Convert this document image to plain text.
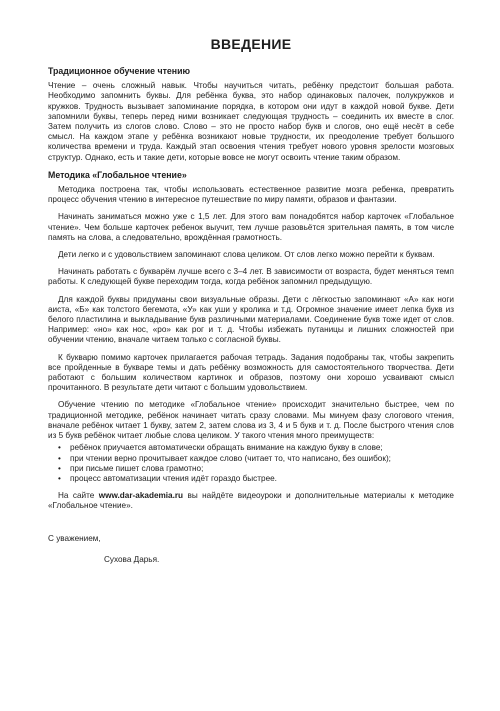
ВВЕДЕНИЕ
Традиционное обучение чтению
Чтение – очень сложный навык. Чтобы научиться читать, ребёнку предстоит большая работа. Необходимо запомнить буквы. Для ребёнка буква, это набор одинаковых палочек, полукружков и кружков. Трудность вызывает запоминание порядка, в котором они идут в каждой новой букве. Дети запомнили буквы, теперь перед ними возникает следующая трудность – соединить их вместе в слог. Затем получить из слогов слово. Слово – это не просто набор букв и слогов, оно ещё несёт в себе смысл. На каждом этапе у ребёнка возникают новые трудности, их преодоление требует большого количества времени и труда. Каждый этап освоения чтения требует нового уровня зрелости мозговых структур. Однако, есть и такие дети, которые вовсе не могут освоить чтение таким образом.
Методика «Глобальное чтение»
Методика построена так, чтобы использовать естественное развитие мозга ребенка, превратить процесс обучения чтению в интересное путешествие по миру памяти, образов и фантазии.
Начинать заниматься можно уже с 1,5 лет. Для этого вам понадобятся набор карточек «Глобальное чтение». Чем больше карточек ребенок выучит, тем лучше разовьётся зрительная память, в том числе память на слова, а следовательно, врождённая грамотность.
Дети легко и с удовольствием запоминают слова целиком. От слов легко можно перейти к буквам.
Начинать работать с букварём лучше всего с 3–4 лет. В зависимости от возраста, будет меняться темп работы. К следующей букве переходим тогда, когда ребёнок запомнил предыдущую.
Для каждой буквы придуманы свои визуальные образы. Дети с лёгкостью запоминают «А» как ноги аиста, «Б» как толстого бегемота, «У» как уши у кролика и т.д. Огромное значение имеет лепка букв из белого пластилина и выкладывание букв различными материалами. Соединение букв тоже идет от слов. Например: «но» как нос, «ро» как рог и т. д. Чтобы избежать путаницы и лишних сложностей при обучении чтению, вначале читаем только с согласной буквы.
К букварю помимо карточек прилагается рабочая тетрадь. Задания подобраны так, чтобы закрепить все пройденные в букваре темы и дать ребёнку возможность для самостоятельного творчества. Дети работают с большим количеством картинок и образов, поэтому они хорошо усваивают смысл прочитанного. В результате дети читают с большим удовольствием.
Обучение чтению по методике «Глобальное чтение» происходит значительно быстрее, чем по традиционной методике, ребёнок начинает читать сразу словами. Мы минуем фазу слогового чтения, вначале ребёнок читает 1 букву, затем 2, затем слова из 3, 4 и 5 букв и т. д. После быстрого чтения слов из 5 букв ребёнок читает любые слова целиком. У такого чтения много преимуществ:
• ребёнок приучается автоматически обращать внимание на каждую букву в слове;
• при чтении верно прочитывает каждое слово (читает то, что написано, без ошибок);
• при письме пишет слова грамотно;
• процесс автоматизации чтения идёт гораздо быстрее.
На сайте www.dar-akademia.ru вы найдёте видеоуроки и дополнительные материалы к методике «Глобальное чтение».
С уважением,
Сухова Дарья.
